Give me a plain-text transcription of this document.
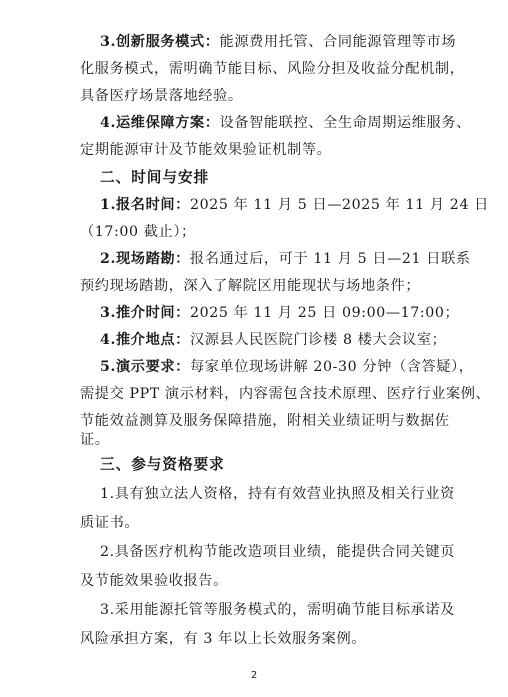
3.创新服务模式：能源费用托管、合同能源管理等市场
化服务模式，需明确节能目标、风险分担及收益分配机制，
具备医疗场景落地经验。
4.运维保障方案：设备智能联控、全生命周期运维服务、
定期能源审计及节能效果验证机制等。
二、时间与安排
1.报名时间：2025 年 11 月 5 日—2025 年 11 月 24 日
（17:00 截止）；
2.现场踏勘：报名通过后，可于 11 月 5 日—21 日联系
预约现场踏勘，深入了解院区用能现状与场地条件；
3.推介时间：2025 年 11 月 25 日 09:00—17:00；
4.推介地点：汉源县人民医院门诊楼 8 楼大会议室；
5.演示要求：每家单位现场讲解 20-30 分钟（含答疑），
需提交 PPT 演示材料，内容需包含技术原理、医疗行业案例、
节能效益测算及服务保障措施，附相关业绩证明与数据佐
证。
三、参与资格要求
1.具有独立法人资格，持有有效营业执照及相关行业资
质证书。
2.具备医疗机构节能改造项目业绩，能提供合同关键页
及节能效果验收报告。
3.采用能源托管等服务模式的，需明确节能目标承诺及
风险承担方案，有 3 年以上长效服务案例。
2
